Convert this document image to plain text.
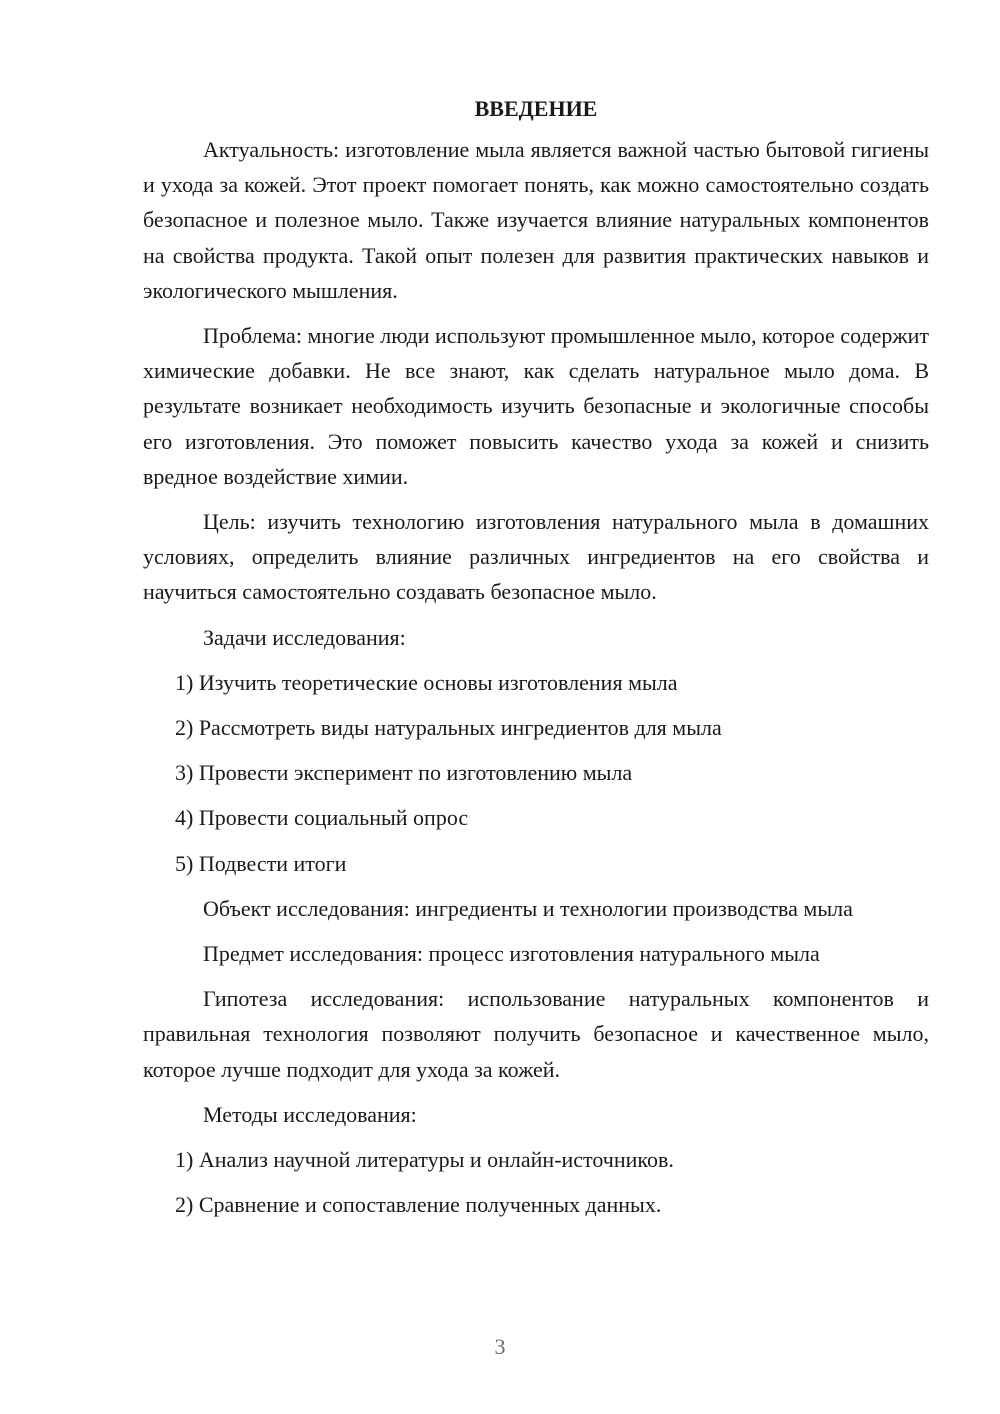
ВВЕДЕНИЕ

Актуальность: изготовление мыла является важной частью бытовой гигиены и ухода за кожей. Этот проект помогает понять, как можно самостоятельно создать безопасное и полезное мыло. Также изучается влияние натуральных компонентов на свойства продукта. Такой опыт полезен для развития практических навыков и экологического мышления.

Проблема: многие люди используют промышленное мыло, которое содержит химические добавки. Не все знают, как сделать натуральное мыло дома. В результате возникает необходимость изучить безопасные и экологичные способы его изготовления. Это поможет повысить качество ухода за кожей и снизить вредное воздействие химии.

Цель: изучить технологию изготовления натурального мыла в домашних условиях, определить влияние различных ингредиентов на его свойства и научиться самостоятельно создавать безопасное мыло.

Задачи исследования:

1) Изучить теоретические основы изготовления мыла
2) Рассмотреть виды натуральных ингредиентов для мыла
3) Провести эксперимент по изготовлению мыла
4) Провести социальный опрос
5) Подвести итоги

Объект исследования: ингредиенты и технологии производства мыла

Предмет исследования: процесс изготовления натурального мыла

Гипотеза исследования: использование натуральных компонентов и правильная технология позволяют получить безопасное и качественное мыло, которое лучше подходит для ухода за кожей.

Методы исследования:

1) Анализ научной литературы и онлайн-источников.
2) Сравнение и сопоставление полученных данных.
3
